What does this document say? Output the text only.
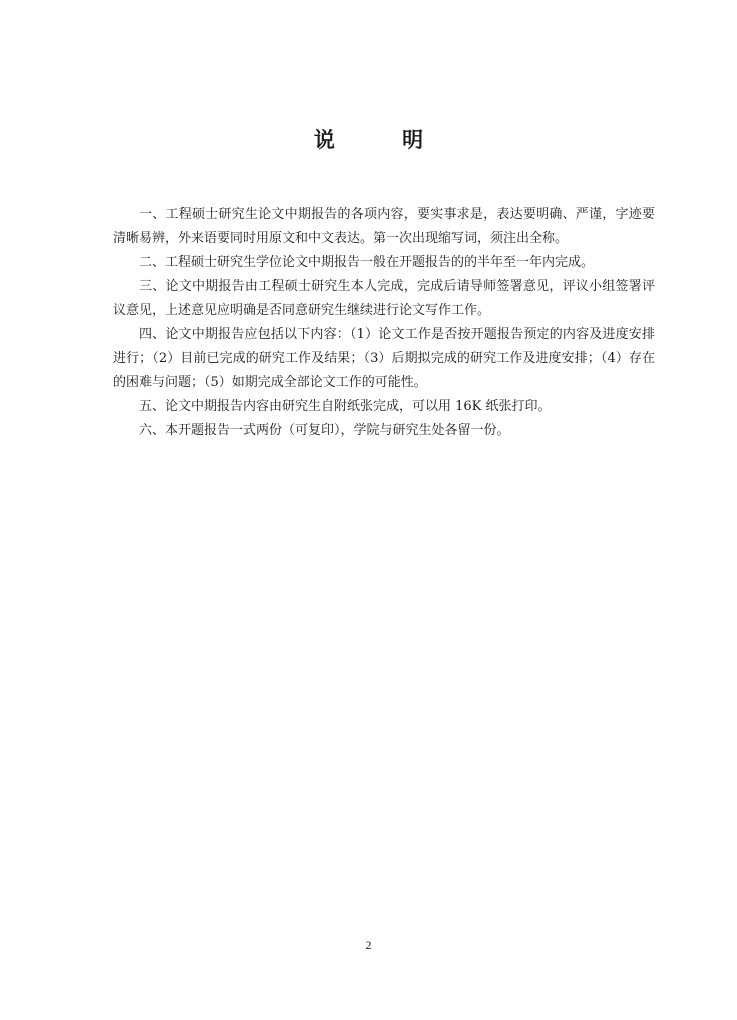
说 明

一、工程硕士研究生论文中期报告的各项内容，要实事求是，表达要明确、严谨，字迹要清晰易辨，外来语要同时用原文和中文表达。第一次出现缩写词，须注出全称。

二、工程硕士研究生学位论文中期报告一般在开题报告的的半年至一年内完成。

三、论文中期报告由工程硕士研究生本人完成，完成后请导师签署意见，评议小组签署评议意见，上述意见应明确是否同意研究生继续进行论文写作工作。

四、论文中期报告应包括以下内容：（1）论文工作是否按开题报告预定的内容及进度安排进行；（2）目前已完成的研究工作及结果；（3）后期拟完成的研究工作及进度安排；（4）存在的困难与问题；（5）如期完成全部论文工作的可能性。

五、论文中期报告内容由研究生自附纸张完成，可以用 16K 纸张打印。

六、本开题报告一式两份（可复印），学院与研究生处各留一份。

2
